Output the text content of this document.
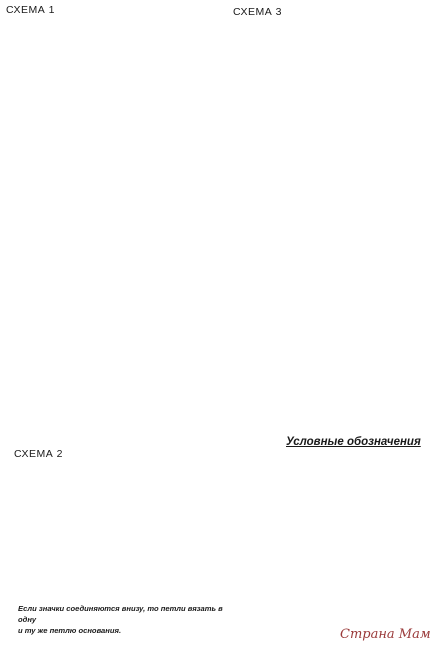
СХЕМА 1	СХЕМА 3
СХЕМА 2
Условные обозначения
Если значки соединяются внизу, то петли вязать в одну
и ту же петлю основания.	Страна Мам
